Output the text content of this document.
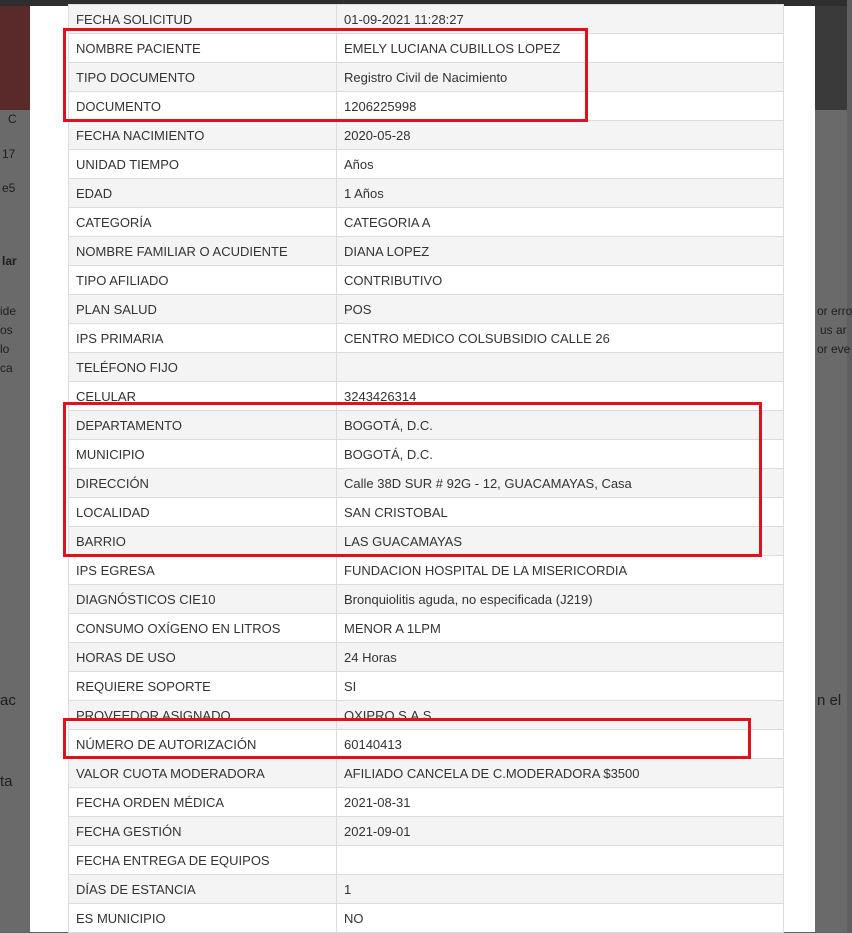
C
17
e5
lar
ide
os
lo
ca
ac
ta
or erro
us ar
or eve
n el
FECHA SOLICITUD	01-09-2021 11:28:27
NOMBRE PACIENTE	EMELY LUCIANA CUBILLOS LOPEZ
TIPO DOCUMENTO	Registro Civil de Nacimiento
DOCUMENTO	1206225998
FECHA NACIMIENTO	2020-05-28
UNIDAD TIEMPO	Años
EDAD	1 Años
CATEGORÍA	CATEGORIA A
NOMBRE FAMILIAR O ACUDIENTE	DIANA LOPEZ
TIPO AFILIADO	CONTRIBUTIVO
PLAN SALUD	POS
IPS PRIMARIA	CENTRO MEDICO COLSUBSIDIO CALLE 26
TELÉFONO FIJO	
CELULAR	3243426314
DEPARTAMENTO	BOGOTÁ, D.C.
MUNICIPIO	BOGOTÁ, D.C.
DIRECCIÓN	Calle 38D SUR # 92G - 12, GUACAMAYAS, Casa
LOCALIDAD	SAN CRISTOBAL
BARRIO	LAS GUACAMAYAS
IPS EGRESA	FUNDACION HOSPITAL DE LA MISERICORDIA
DIAGNÓSTICOS CIE10	Bronquiolitis aguda, no especificada (J219)
CONSUMO OXÍGENO EN LITROS	MENOR A 1LPM
HORAS DE USO	24 Horas
REQUIERE SOPORTE	SI
PROVEEDOR ASIGNADO	OXIPRO S.A.S
NÚMERO DE AUTORIZACIÓN	60140413
VALOR CUOTA MODERADORA	AFILIADO CANCELA DE C.MODERADORA $3500
FECHA ORDEN MÉDICA	2021-08-31
FECHA GESTIÓN	2021-09-01
FECHA ENTREGA DE EQUIPOS	
DÍAS DE ESTANCIA	1
ES MUNICIPIO	NO
